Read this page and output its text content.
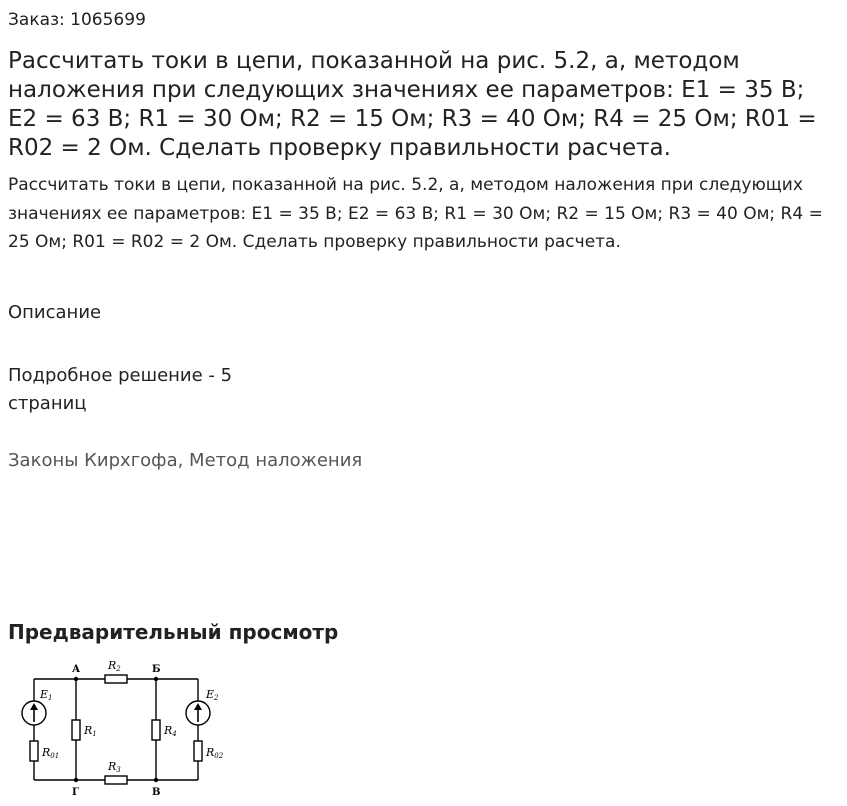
Заказ: 1065699
Рассчитать токи в цепи, показанной на рис. 5.2, а, методом наложения при следующих значениях ее параметров: E1 = 35 В; E2 = 63 В; R1 = 30 Ом; R2 = 15 Ом; R3 = 40 Ом; R4 = 25 Ом; R01 = R02 = 2 Ом. Сделать проверку правильности расчета.
Рассчитать токи в цепи, показанной на рис. 5.2, а, методом наложения при следующих значениях ее параметров: E1 = 35 В; E2 = 63 В; R1 = 30 Ом; R2 = 15 Ом; R3 = 40 Ом; R4 = 25 Ом; R01 = R02 = 2 Ом. Сделать проверку правильности расчета.
Описание
Подробное решение - 5 страниц
Законы Кирхгофа, Метод наложения
Предварительный просмотр
А	Б
Г	В
E1	E2
R2
R3
R1	R4
R01	R02
